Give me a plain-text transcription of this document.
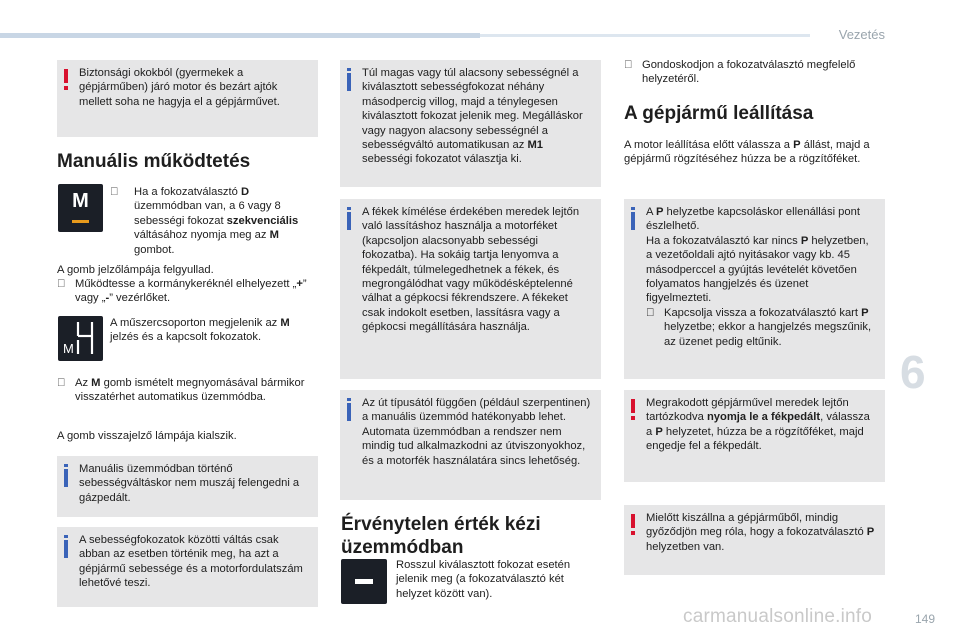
Vezetés
Biztonsági okokból (gyermekek a gépjárműben) járó motor és bezárt ajtók mellett soha ne hagyja el a gépjárművet.
Manuális működtetés
M	Ha a fokozatválasztó D üzemmódban van, a 6 vagy 8 sebességi fokozat szekvenciális váltásához nyomja meg az M gombot.
A gomb jelzőlámpája felgyullad.
Működtesse a kormánykeréknél elhelyezett „+” vagy „-” vezérlőket.
M
A műszercsoporton megjelenik az M jelzés és a kapcsolt fokozatok.
Az M gomb ismételt megnyomásával bármikor visszatérhet automatikus üzemmódba.
A gomb visszajelző lámpája kialszik.
Manuális üzemmódban történő sebességváltáskor nem muszáj felengedni a gázpedált.
A sebességfokozatok közötti váltás csak abban az esetben történik meg, ha azt a gépjármű sebessége és a motorfordulatszám lehetővé teszi.
Túl magas vagy túl alacsony sebességnél a kiválasztott sebességfokozat néhány másodpercig villog, majd a ténylegesen kiválasztott fokozat jelenik meg. Megálláskor vagy nagyon alacsony sebességnél a sebességváltó automatikusan az M1 sebességi fokozatot választja ki.
A fékek kímélése érdekében meredek lejtőn való lassításhoz használja a motorféket (kapcsoljon alacsonyabb sebességi fokozatba). Ha sokáig tartja lenyomva a fékpedált, túlmelegedhetnek a fékek, és megrongálódhat vagy működésképtelenné válhat a gépkocsi fékrendszere. A fékeket csak indokolt esetben, lassításra vagy a gépkocsi megállítására használja.
Az út típusától függően (például szerpentinen) a manuális üzemmód hatékonyabb lehet. Automata üzemmódban a rendszer nem mindig tud alkalmazkodni az útviszonyokhoz, és a motorfék használatára sincs lehetőség.
Érvénytelen érték kézi üzemmódban
Rosszul kiválasztott fokozat esetén jelenik meg (a fokozatválasztó két helyzet között van).
Gondoskodjon a fokozatválasztó megfelelő helyzetéről.
A gépjármű leállítása
A motor leállítása előtt válassza a P állást, majd a gépjármű rögzítéséhez húzza be a rögzítőféket.
A P helyzetbe kapcsoláskor ellenállási pont észlelhető.
Ha a fokozatválasztó kar nincs P helyzetben, a vezetőoldali ajtó nyitásakor vagy kb. 45 másodperccel a gyújtás levételét követően folyamatos hangjelzés és üzenet figyelmezteti.
Kapcsolja vissza a fokozatválasztó kart P helyzetbe; ekkor a hangjelzés megszűnik, az üzenet pedig eltűnik.
Megrakodott gépjárművel meredek lejtőn tartózkodva nyomja le a fékpedált, válassza a P helyzetet, húzza be a rögzítőféket, majd engedje fel a fékpedált.
Mielőtt kiszállna a gépjárműből, mindig győződjön meg róla, hogy a fokozatválasztó P helyzetben van.
6
carmanualsonline.info	149
